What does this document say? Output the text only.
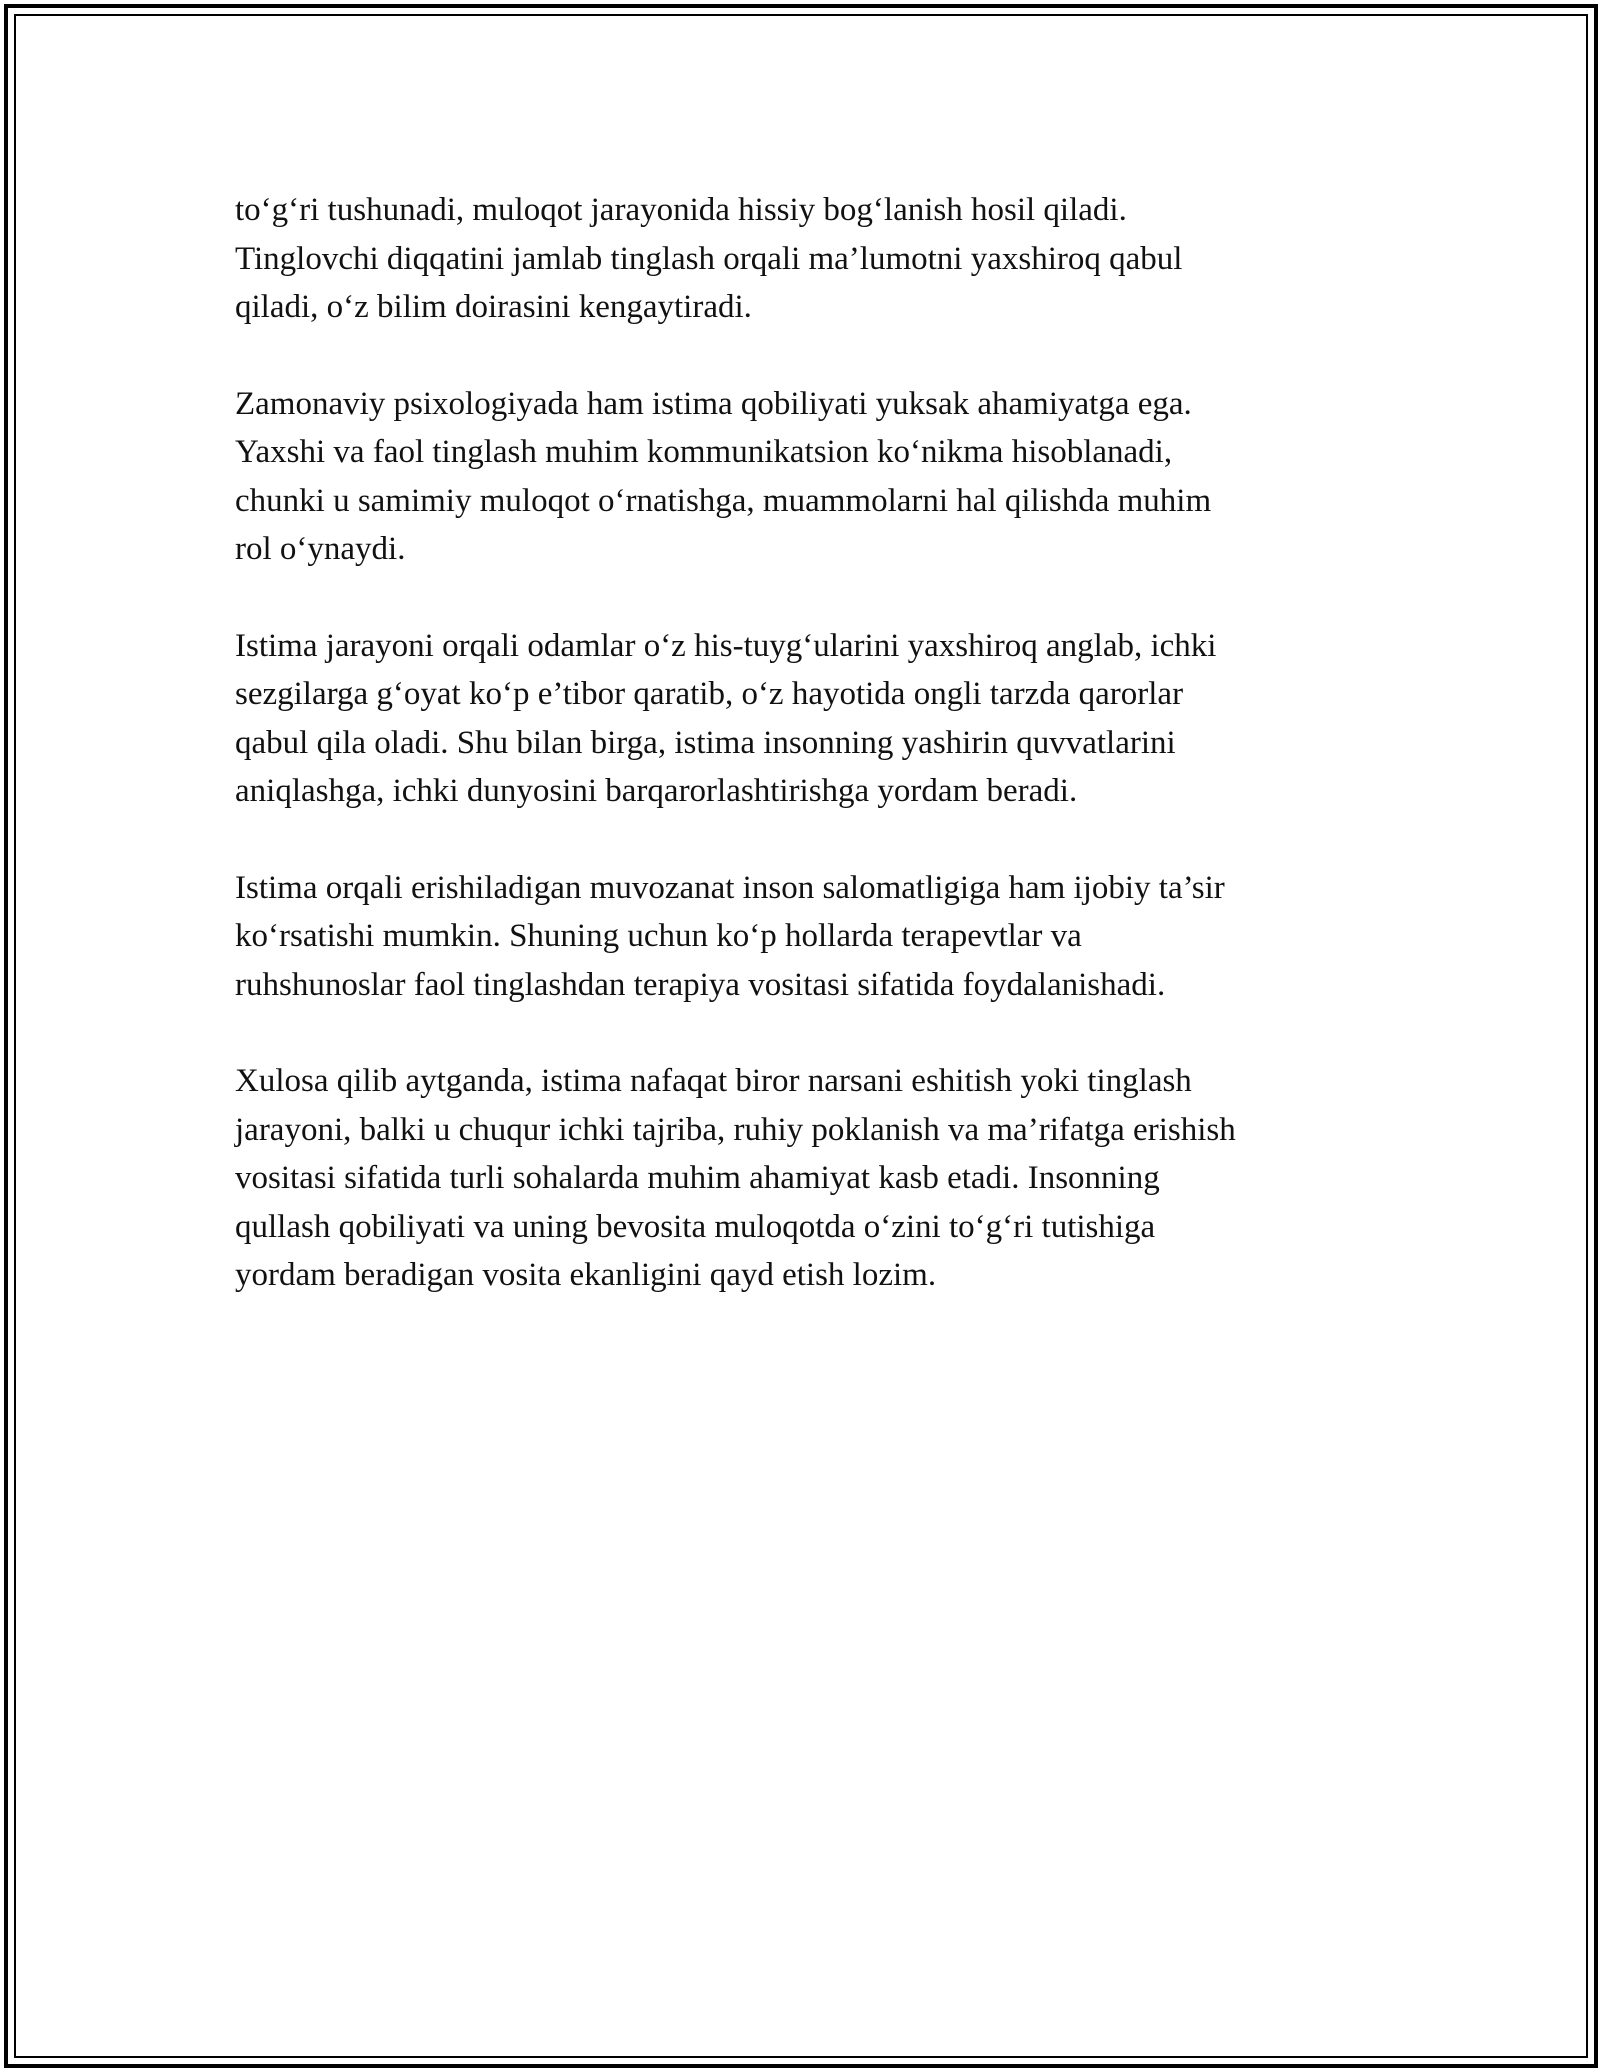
to‘g‘ri tushunadi, muloqot jarayonida hissiy bog‘lanish hosil qiladi.
Tinglovchi diqqatini jamlab tinglash orqali ma’lumotni yaxshiroq qabul
qiladi, o‘z bilim doirasini kengaytiradi.

Zamonaviy psixologiyada ham istima qobiliyati yuksak ahamiyatga ega.
Yaxshi va faol tinglash muhim kommunikatsion ko‘nikma hisoblanadi,
chunki u samimiy muloqot o‘rnatishga, muammolarni hal qilishda muhim
rol o‘ynaydi.

Istima jarayoni orqali odamlar o‘z his-tuyg‘ularini yaxshiroq anglab, ichki
sezgilarga g‘oyat ko‘p e’tibor qaratib, o‘z hayotida ongli tarzda qarorlar
qabul qila oladi. Shu bilan birga, istima insonning yashirin quvvatlarini
aniqlashga, ichki dunyosini barqarorlashtirishga yordam beradi.

Istima orqali erishiladigan muvozanat inson salomatligiga ham ijobiy ta’sir
ko‘rsatishi mumkin. Shuning uchun ko‘p hollarda terapevtlar va
ruhshunoslar faol tinglashdan terapiya vositasi sifatida foydalanishadi.

Xulosa qilib aytganda, istima nafaqat biror narsani eshitish yoki tinglash
jarayoni, balki u chuqur ichki tajriba, ruhiy poklanish va ma’rifatga erishish
vositasi sifatida turli sohalarda muhim ahamiyat kasb etadi. Insonning
qullash qobiliyati va uning bevosita muloqotda o‘zini to‘g‘ri tutishiga
yordam beradigan vosita ekanligini qayd etish lozim.
